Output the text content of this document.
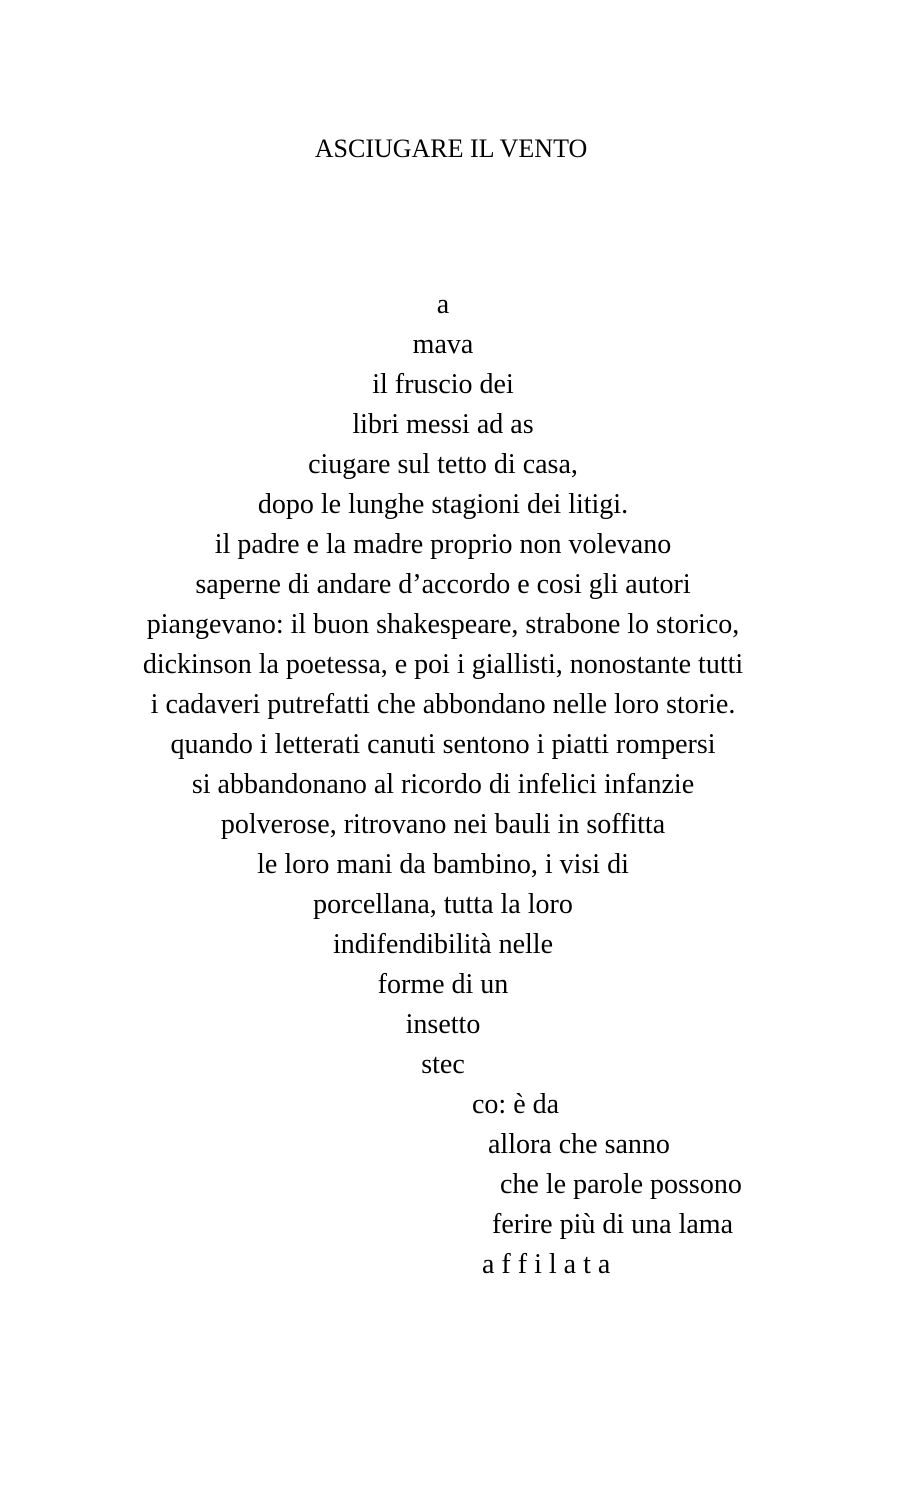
ASCIUGARE IL VENTO
a
mava
il fruscio dei
libri messi ad as
ciugare sul tetto di casa,
dopo le lunghe stagioni dei litigi.
il padre e la madre proprio non volevano
saperne di andare d’accordo e cosi gli autori
piangevano: il buon shakespeare, strabone lo storico,
dickinson la poetessa, e poi i giallisti, nonostante tutti
i cadaveri putrefatti che abbondano nelle loro storie.
quando i letterati canuti sentono i piatti rompersi
si abbandonano al ricordo di infelici infanzie
polverose, ritrovano nei bauli in soffitta
le loro mani da bambino, i visi di
porcellana, tutta la loro
indifendibilità nelle
forme di un
insetto
stec
co: è da
allora che sanno
che le parole possono
ferire più di una lama
a f f i l a t a
